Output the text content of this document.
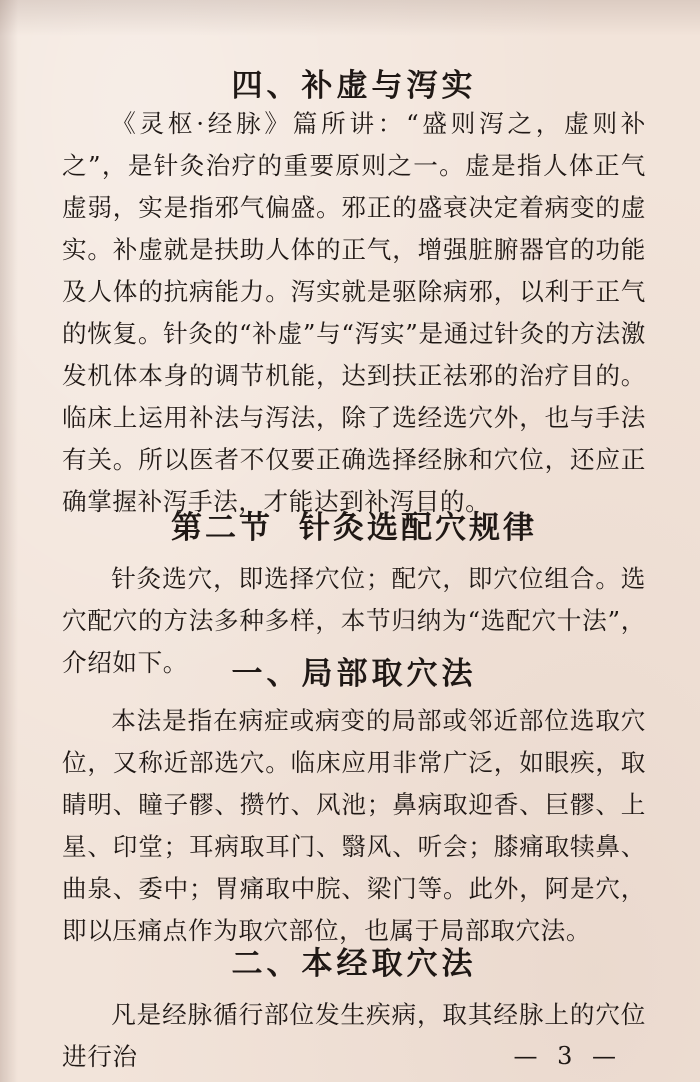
四、补虚与泻实

《灵枢·经脉》篇所讲：“盛则泻之，虚则补之”，是针灸治疗的重要原则之一。虚是指人体正气虚弱，实是指邪气偏盛。邪正的盛衰决定着病变的虚实。补虚就是扶助人体的正气，增强脏腑器官的功能及人体的抗病能力。泻实就是驱除病邪，以利于正气的恢复。针灸的“补虚”与“泻实”是通过针灸的方法激发机体本身的调节机能，达到扶正祛邪的治疗目的。临床上运用补法与泻法，除了选经选穴外，也与手法有关。所以医者不仅要正确选择经脉和穴位，还应正确掌握补泻手法，才能达到补泻目的。

第二节 针灸选配穴规律

针灸选穴，即选择穴位；配穴，即穴位组合。选穴配穴的方法多种多样，本节归纳为“选配穴十法”，介绍如下。	一、局部取穴法

本法是指在病症或病变的局部或邻近部位选取穴位，又称近部选穴。临床应用非常广泛，如眼疾，取睛明、瞳子髎、攒竹、风池；鼻病取迎香、巨髎、上星、印堂；耳病取耳门、翳风、听会；膝痛取犊鼻、曲泉、委中；胃痛取中脘、梁门等。此外，阿是穴，即以压痛点作为取穴部位，也属于局部取穴法。

二、本经取穴法

凡是经脉循行部位发生疾病，取其经脉上的穴位进行治	— 3 —
